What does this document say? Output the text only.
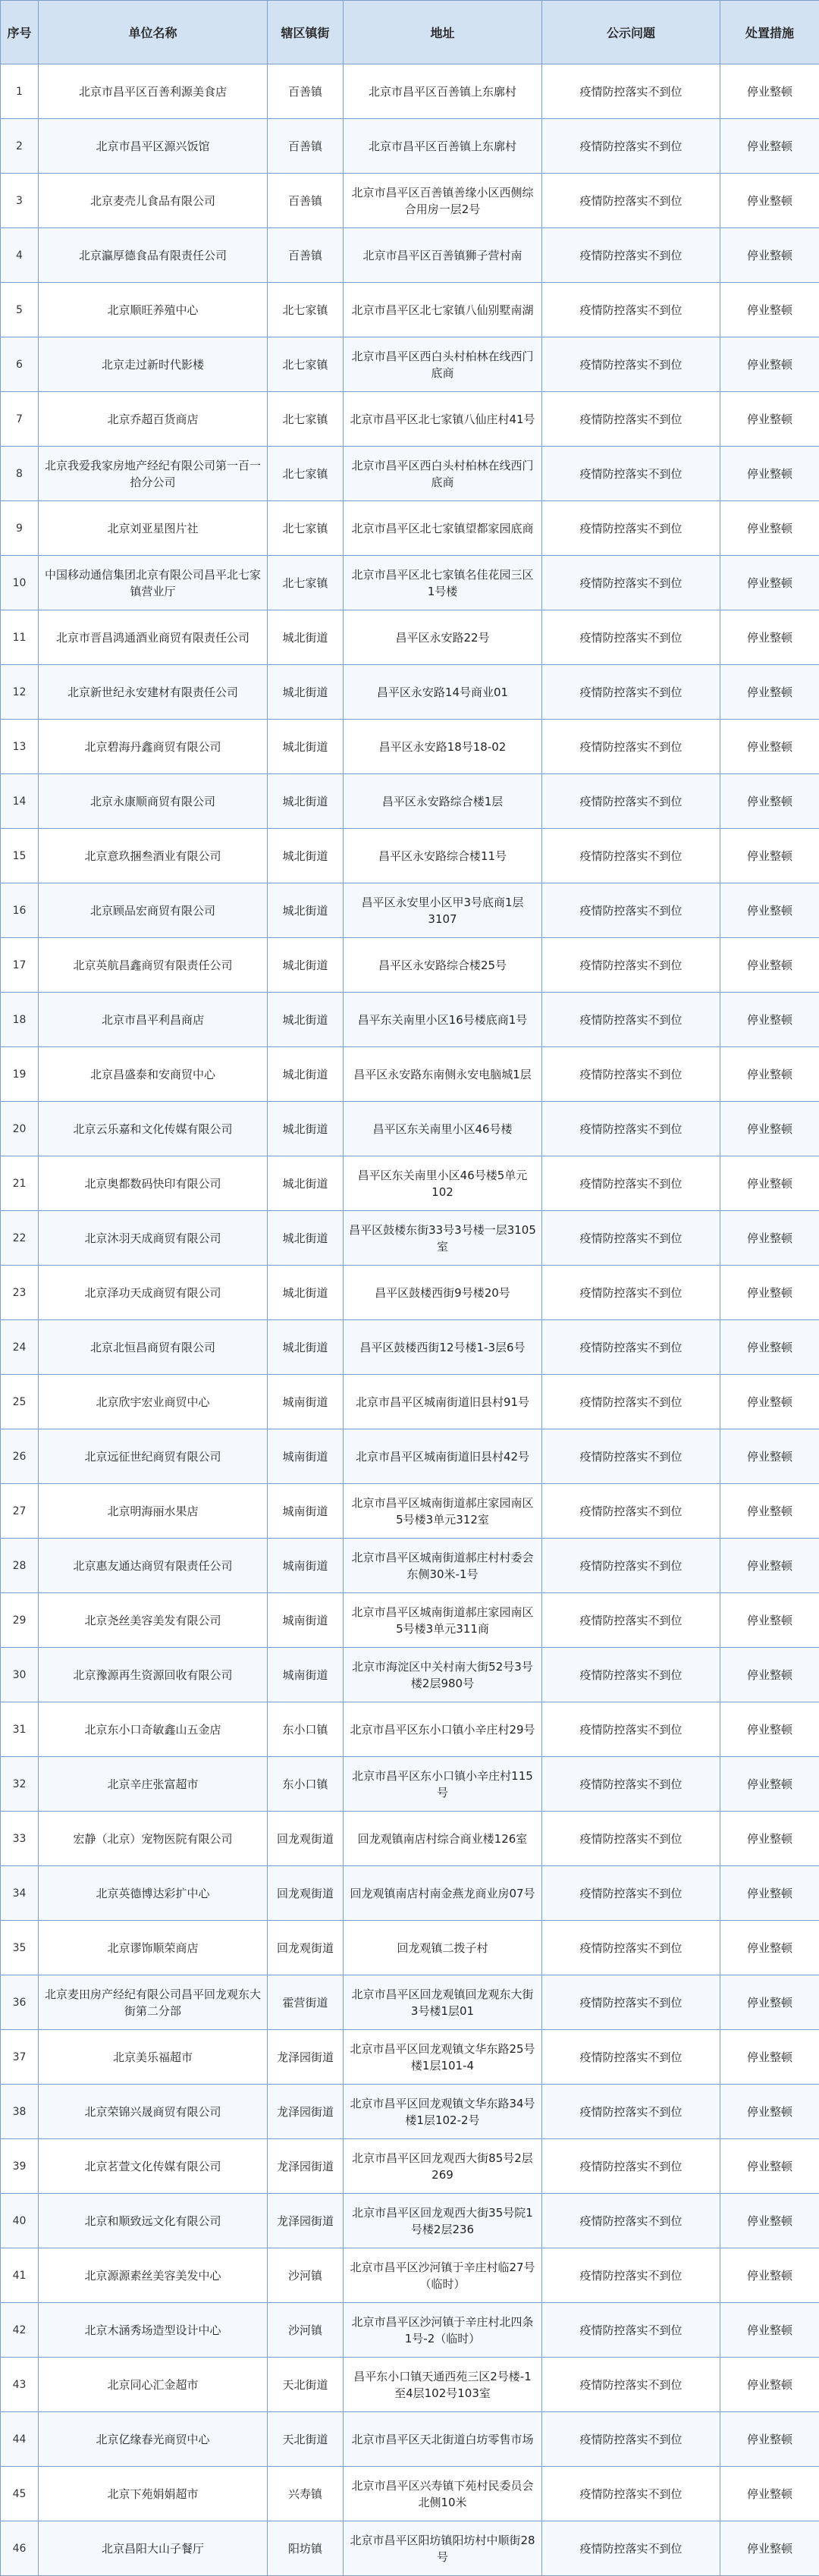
序号	单位名称	辖区镇街	地址	公示问题	处置措施
1	北京市昌平区百善利源美食店	百善镇	北京市昌平区百善镇上东廓村	疫情防控落实不到位	停业整顿
2	北京市昌平区源兴饭馆	百善镇	北京市昌平区百善镇上东廓村	疫情防控落实不到位	停业整顿
3	北京麦壳儿食品有限公司	百善镇	北京市昌平区百善镇善缘小区西侧综合用房一层2号	疫情防控落实不到位	停业整顿
4	北京瀛厚德食品有限责任公司	百善镇	北京市昌平区百善镇狮子营村南	疫情防控落实不到位	停业整顿
5	北京顺旺养殖中心	北七家镇	北京市昌平区北七家镇八仙别墅南湖	疫情防控落实不到位	停业整顿
6	北京走过新时代影楼	北七家镇	北京市昌平区西白头村柏林在线西门底商	疫情防控落实不到位	停业整顿
7	北京乔超百货商店	北七家镇	北京市昌平区北七家镇八仙庄村41号	疫情防控落实不到位	停业整顿
8	北京我爱我家房地产经纪有限公司第一百一拾分公司	北七家镇	北京市昌平区西白头村柏林在线西门底商	疫情防控落实不到位	停业整顿
9	北京刘亚星图片社	北七家镇	北京市昌平区北七家镇望都家园底商	疫情防控落实不到位	停业整顿
10	中国移动通信集团北京有限公司昌平北七家镇营业厅	北七家镇	北京市昌平区北七家镇名佳花园三区1号楼	疫情防控落实不到位	停业整顿
11	北京市晋昌鸿通酒业商贸有限责任公司	城北街道	昌平区永安路22号	疫情防控落实不到位	停业整顿
12	北京新世纪永安建材有限责任公司	城北街道	昌平区永安路14号商业01	疫情防控落实不到位	停业整顿
13	北京碧海丹鑫商贸有限公司	城北街道	昌平区永安路18号18-02	疫情防控落实不到位	停业整顿
14	北京永康顺商贸有限公司	城北街道	昌平区永安路综合楼1层	疫情防控落实不到位	停业整顿
15	北京意玖捆叁酒业有限公司	城北街道	昌平区永安路综合楼11号	疫情防控落实不到位	停业整顿
16	北京顾品宏商贸有限公司	城北街道	昌平区永安里小区甲3号底商1层3107	疫情防控落实不到位	停业整顿
17	北京英航昌鑫商贸有限责任公司	城北街道	昌平区永安路综合楼25号	疫情防控落实不到位	停业整顿
18	北京市昌平利昌商店	城北街道	昌平东关南里小区16号楼底商1号	疫情防控落实不到位	停业整顿
19	北京昌盛泰和安商贸中心	城北街道	昌平区永安路东南侧永安电脑城1层	疫情防控落实不到位	停业整顿
20	北京云乐嘉和文化传媒有限公司	城北街道	昌平区东关南里小区46号楼	疫情防控落实不到位	停业整顿
21	北京奥都数码快印有限公司	城北街道	昌平区东关南里小区46号楼5单元102	疫情防控落实不到位	停业整顿
22	北京沐羽天成商贸有限公司	城北街道	昌平区鼓楼东街33号3号楼一层3105室	疫情防控落实不到位	停业整顿
23	北京泽功天成商贸有限公司	城北街道	昌平区鼓楼西街9号楼20号	疫情防控落实不到位	停业整顿
24	北京北恒昌商贸有限公司	城北街道	昌平区鼓楼西街12号楼1-3层6号	疫情防控落实不到位	停业整顿
25	北京欣宇宏业商贸中心	城南街道	北京市昌平区城南街道旧县村91号	疫情防控落实不到位	停业整顿
26	北京远征世纪商贸有限公司	城南街道	北京市昌平区城南街道旧县村42号	疫情防控落实不到位	停业整顿
27	北京明海丽水果店	城南街道	北京市昌平区城南街道郝庄家园南区5号楼3单元312室	疫情防控落实不到位	停业整顿
28	北京惠友通达商贸有限责任公司	城南街道	北京市昌平区城南街道郝庄村村委会东侧30米-1号	疫情防控落实不到位	停业整顿
29	北京尧丝美容美发有限公司	城南街道	北京市昌平区城南街道郝庄家园南区5号楼3单元311商	疫情防控落实不到位	停业整顿
30	北京豫源再生资源回收有限公司	城南街道	北京市海淀区中关村南大街52号3号楼2层980号	疫情防控落实不到位	停业整顿
31	北京东小口奇敏鑫山五金店	东小口镇	北京市昌平区东小口镇小辛庄村29号	疫情防控落实不到位	停业整顿
32	北京辛庄张富超市	东小口镇	北京市昌平区东小口镇小辛庄村115号	疫情防控落实不到位	停业整顿
33	宏静（北京）宠物医院有限公司	回龙观街道	回龙观镇南店村综合商业楼126室	疫情防控落实不到位	停业整顿
34	北京英德博达彩扩中心	回龙观街道	回龙观镇南店村南金燕龙商业房07号	疫情防控落实不到位	停业整顿
35	北京谬饰顺荣商店	回龙观街道	回龙观镇二拨子村	疫情防控落实不到位	停业整顿
36	北京麦田房产经纪有限公司昌平回龙观东大街第二分部	霍营街道	北京市昌平区回龙观镇回龙观东大街3号楼1层01	疫情防控落实不到位	停业整顿
37	北京美乐福超市	龙泽园街道	北京市昌平区回龙观镇文华东路25号楼1层101-4	疫情防控落实不到位	停业整顿
38	北京荣锦兴晟商贸有限公司	龙泽园街道	北京市昌平区回龙观镇文华东路34号楼1层102-2号	疫情防控落实不到位	停业整顿
39	北京茗萱文化传媒有限公司	龙泽园街道	北京市昌平区回龙观西大街85号2层269	疫情防控落实不到位	停业整顿
40	北京和顺致远文化有限公司	龙泽园街道	北京市昌平区回龙观西大街35号院1号楼2层236	疫情防控落实不到位	停业整顿
41	北京源源素丝美容美发中心	沙河镇	北京市昌平区沙河镇于辛庄村临27号（临时）	疫情防控落实不到位	停业整顿
42	北京木涵秀场造型设计中心	沙河镇	北京市昌平区沙河镇于辛庄村北四条1号-2（临时）	疫情防控落实不到位	停业整顿
43	北京同心汇金超市	天北街道	昌平东小口镇天通西苑三区2号楼-1至4层102号103室	疫情防控落实不到位	停业整顿
44	北京亿缘春光商贸中心	天北街道	北京市昌平区天北街道白坊零售市场	疫情防控落实不到位	停业整顿
45	北京下苑娟娟超市	兴寿镇	北京市昌平区兴寿镇下苑村民委员会北侧10米	疫情防控落实不到位	停业整顿
46	北京昌阳大山子餐厅	阳坊镇	北京市昌平区阳坊镇阳坊村中顺街28号	疫情防控落实不到位	停业整顿
